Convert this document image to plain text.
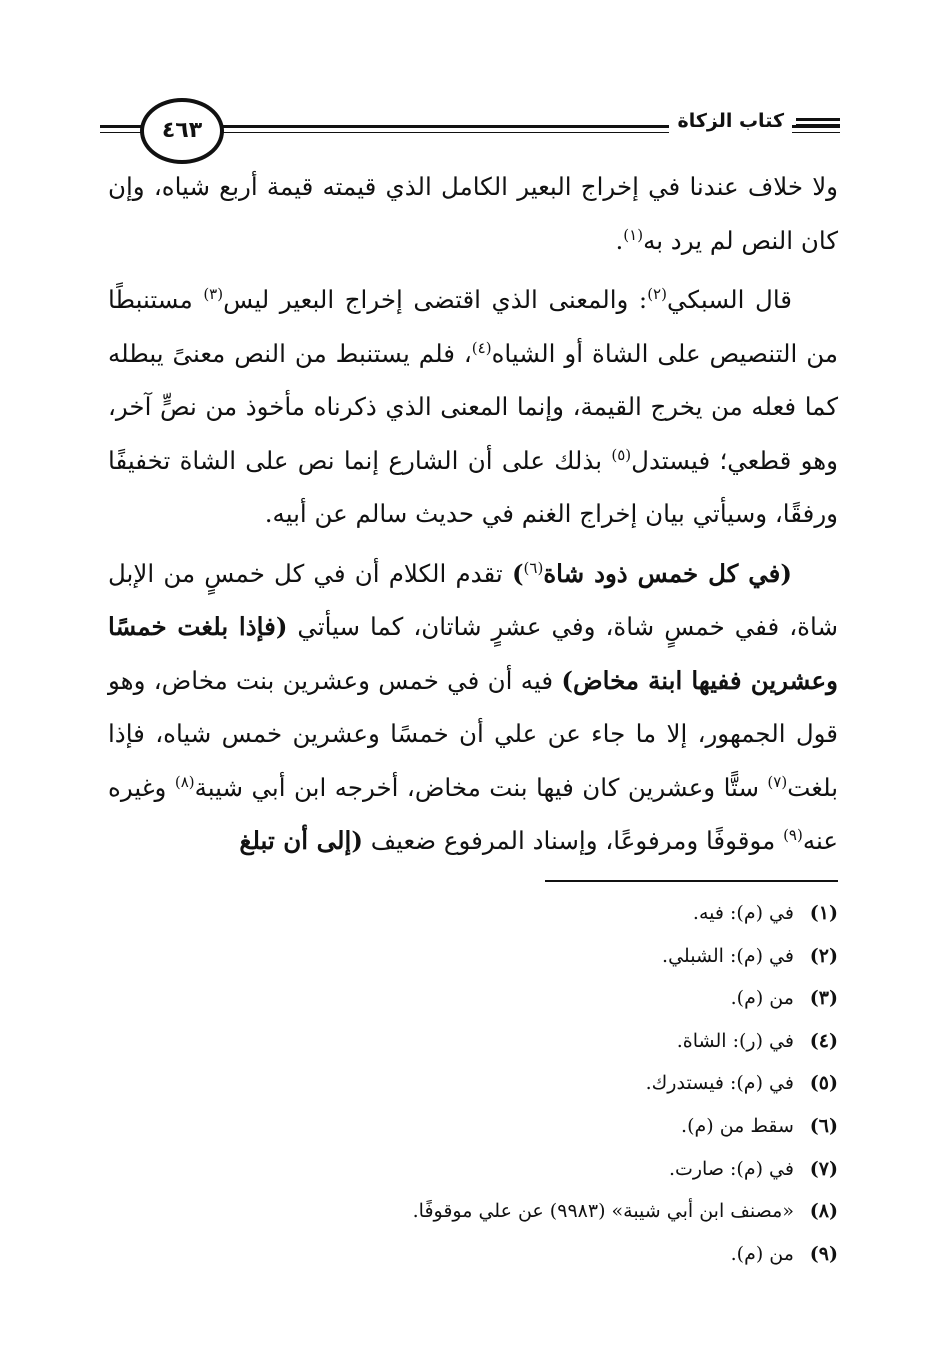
كتاب الزكاة
٤٦٣

ولا خلاف عندنا في إخراج البعير الكامل الذي قيمته قيمة أربع شياه، وإن كان النص لم يرد به$^{(١)}$.

قال السبكي$^{(٢)}$: والمعنى الذي اقتضى إخراج البعير ليس$^{(٣)}$ مستنبطًا من التنصيص على الشاة أو الشياه$^{(٤)}$، فلم يستنبط من النص معنىً يبطله كما فعله من يخرج القيمة، وإنما المعنى الذي ذكرناه مأخوذ من نصٍّ آخر، وهو قطعي؛ فيستدل$^{(٥)}$ بذلك على أن الشارع إنما نص على الشاة تخفيفًا ورفقًا، وسيأتي بيان إخراج الغنم في حديث سالم عن أبيه.

(في كل خمس ذود شاة$^{(٦)}$) تقدم الكلام أن في كل خمسٍ من الإبل شاة، ففي خمسٍ شاة، وفي عشرٍ شاتان، كما سيأتي (فإذا بلغت خمسًا وعشرين ففيها ابنة مخاض) فيه أن في خمس وعشرين بنت مخاض، وهو قول الجمهور، إلا ما جاء عن علي أن خمسًا وعشرين خمس شياه، فإذا بلغت$^{(٧)}$ ستًّا وعشرين كان فيها بنت مخاض، أخرجه ابن أبي شيبة$^{(٨)}$ وغيره عنه$^{(٩)}$ موقوفًا ومرفوعًا، وإسناد المرفوع ضعيف (إلى أن تبلغ

(١) في (م): فيه.
(٢) في (م): الشبلي.
(٣) من (م).
(٤) في (ر): الشاة.
(٥) في (م): فيستدرك.
(٦) سقط من (م).
(٧) في (م): صارت.
(٨) «مصنف ابن أبي شيبة» (٩٩٨٣) عن علي موقوفًا.
(٩) من (م).
